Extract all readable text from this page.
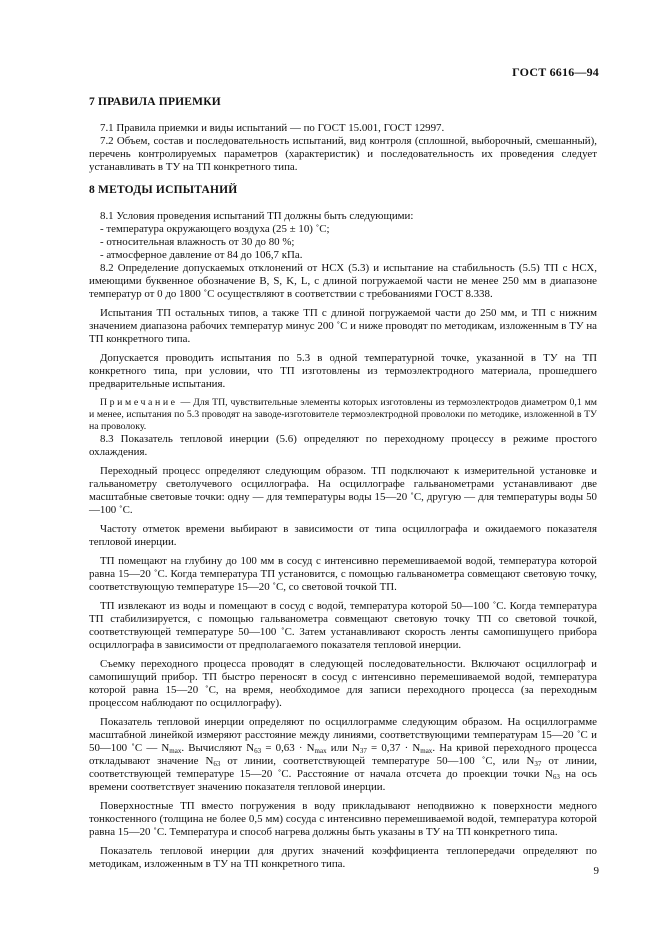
ГОСТ 6616—94
7 ПРАВИЛА ПРИЕМКИ

7.1 Правила приемки и виды испытаний — по ГОСТ 15.001, ГОСТ 12997.

7.2 Объем, состав и последовательность испытаний, вид контроля (сплошной, выборочный, смешанный), перечень контролируемых параметров (характеристик) и последовательность их проведения следует устанавливать в ТУ на ТП конкретного типа.

8 МЕТОДЫ ИСПЫТАНИЙ

8.1 Условия проведения испытаний ТП должны быть следующими:

- температура окружающего воздуха (25 ± 10) ˚C;

- относительная влажность от 30 до 80 %;

- атмосферное давление от 84 до 106,7 кПа.

8.2 Определение допускаемых отклонений от НСХ (5.3) и испытание на стабильность (5.5) ТП с НСХ, имеющими буквенное обозначение B, S, K, L, с длиной погружаемой части не менее 250 мм в диапазоне температур от 0 до 1800 ˚C осуществляют в соответствии с требованиями ГОСТ 8.338.

Испытания ТП остальных типов, а также ТП с длиной погружаемой части до 250 мм, и ТП с нижним значением диапазона рабочих температур минус 200 ˚C и ниже проводят по методикам, изложенным в ТУ на ТП конкретного типа.

Допускается проводить испытания по 5.3 в одной температурной точке, указанной в ТУ на ТП конкретного типа, при условии, что ТП изготовлены из термоэлектродного материала, прошедшего предварительные испытания.

Примечание — Для ТП, чувствительные элементы которых изготовлены из термоэлектродов диаметром 0,1 мм и менее, испытания по 5.3 проводят на заводе-изготовителе термоэлектродной проволоки по методике, изложенной в ТУ на проволоку.

8.3 Показатель тепловой инерции (5.6) определяют по переходному процессу в режиме простого охлаждения.

Переходный процесс определяют следующим образом. ТП подключают к измерительной установке и гальванометру светолучевого осциллографа. На осциллографе гальванометрами устанавливают две масштабные световые точки: одну — для температуры воды 15—20 ˚C, другую — для температуры воды 50—100 ˚C.

Частоту отметок времени выбирают в зависимости от типа осциллографа и ожидаемого показателя тепловой инерции.

ТП помещают на глубину до 100 мм в сосуд с интенсивно перемешиваемой водой, температура которой равна 15—20 ˚C. Когда температура ТП установится, с помощью гальванометра совмещают световую точку, соответствующую температуре 15—20 ˚C, со световой точкой ТП.

ТП извлекают из воды и помещают в сосуд с водой, температура которой 50—100 ˚C. Когда температура ТП стабилизируется, с помощью гальванометра совмещают световую точку ТП со световой точкой, соответствующей температуре 50—100 ˚C. Затем устанавливают скорость ленты самопишущего прибора осциллографа в зависимости от предполагаемого показателя тепловой инерции.

Съемку переходного процесса проводят в следующей последовательности. Включают осциллограф и самопишущий прибор. ТП быстро переносят в сосуд с интенсивно перемешиваемой водой, температура которой равна 15—20 ˚C, на время, необходимое для записи переходного процесса (за переходным процессом наблюдают по осциллографу).

Показатель тепловой инерции определяют по осциллограмме следующим образом. На осциллограмме масштабной линейкой измеряют расстояние между линиями, соответствующими температурам 15—20 ˚C и 50—100 ˚C — $N_{max}$. Вычисляют $N_{63} = 0,63 \cdot N_{max}$ или $N_{37} = 0,37 \cdot N_{max}$. На кривой переходного процесса откладывают значение $N_{63}$ от линии, соответствующей температуре 50—100 ˚C, или $N_{37}$ от линии, соответствующей температуре 15—20 ˚C. Расстояние от начала отсчета до проекции точки $N_{63}$ на ось времени соответствует значению показателя тепловой инерции.

Поверхностные ТП вместо погружения в воду прикладывают неподвижно к поверхности медного тонкостенного (толщина не более 0,5 мм) сосуда с интенсивно перемешиваемой водой, температура которой равна 15—20 ˚C. Температура и способ нагрева должны быть указаны в ТУ на ТП конкретного типа.

Показатель тепловой инерции для других значений коэффициента теплопередачи определяют по методикам, изложенным в ТУ на ТП конкретного типа.

9
